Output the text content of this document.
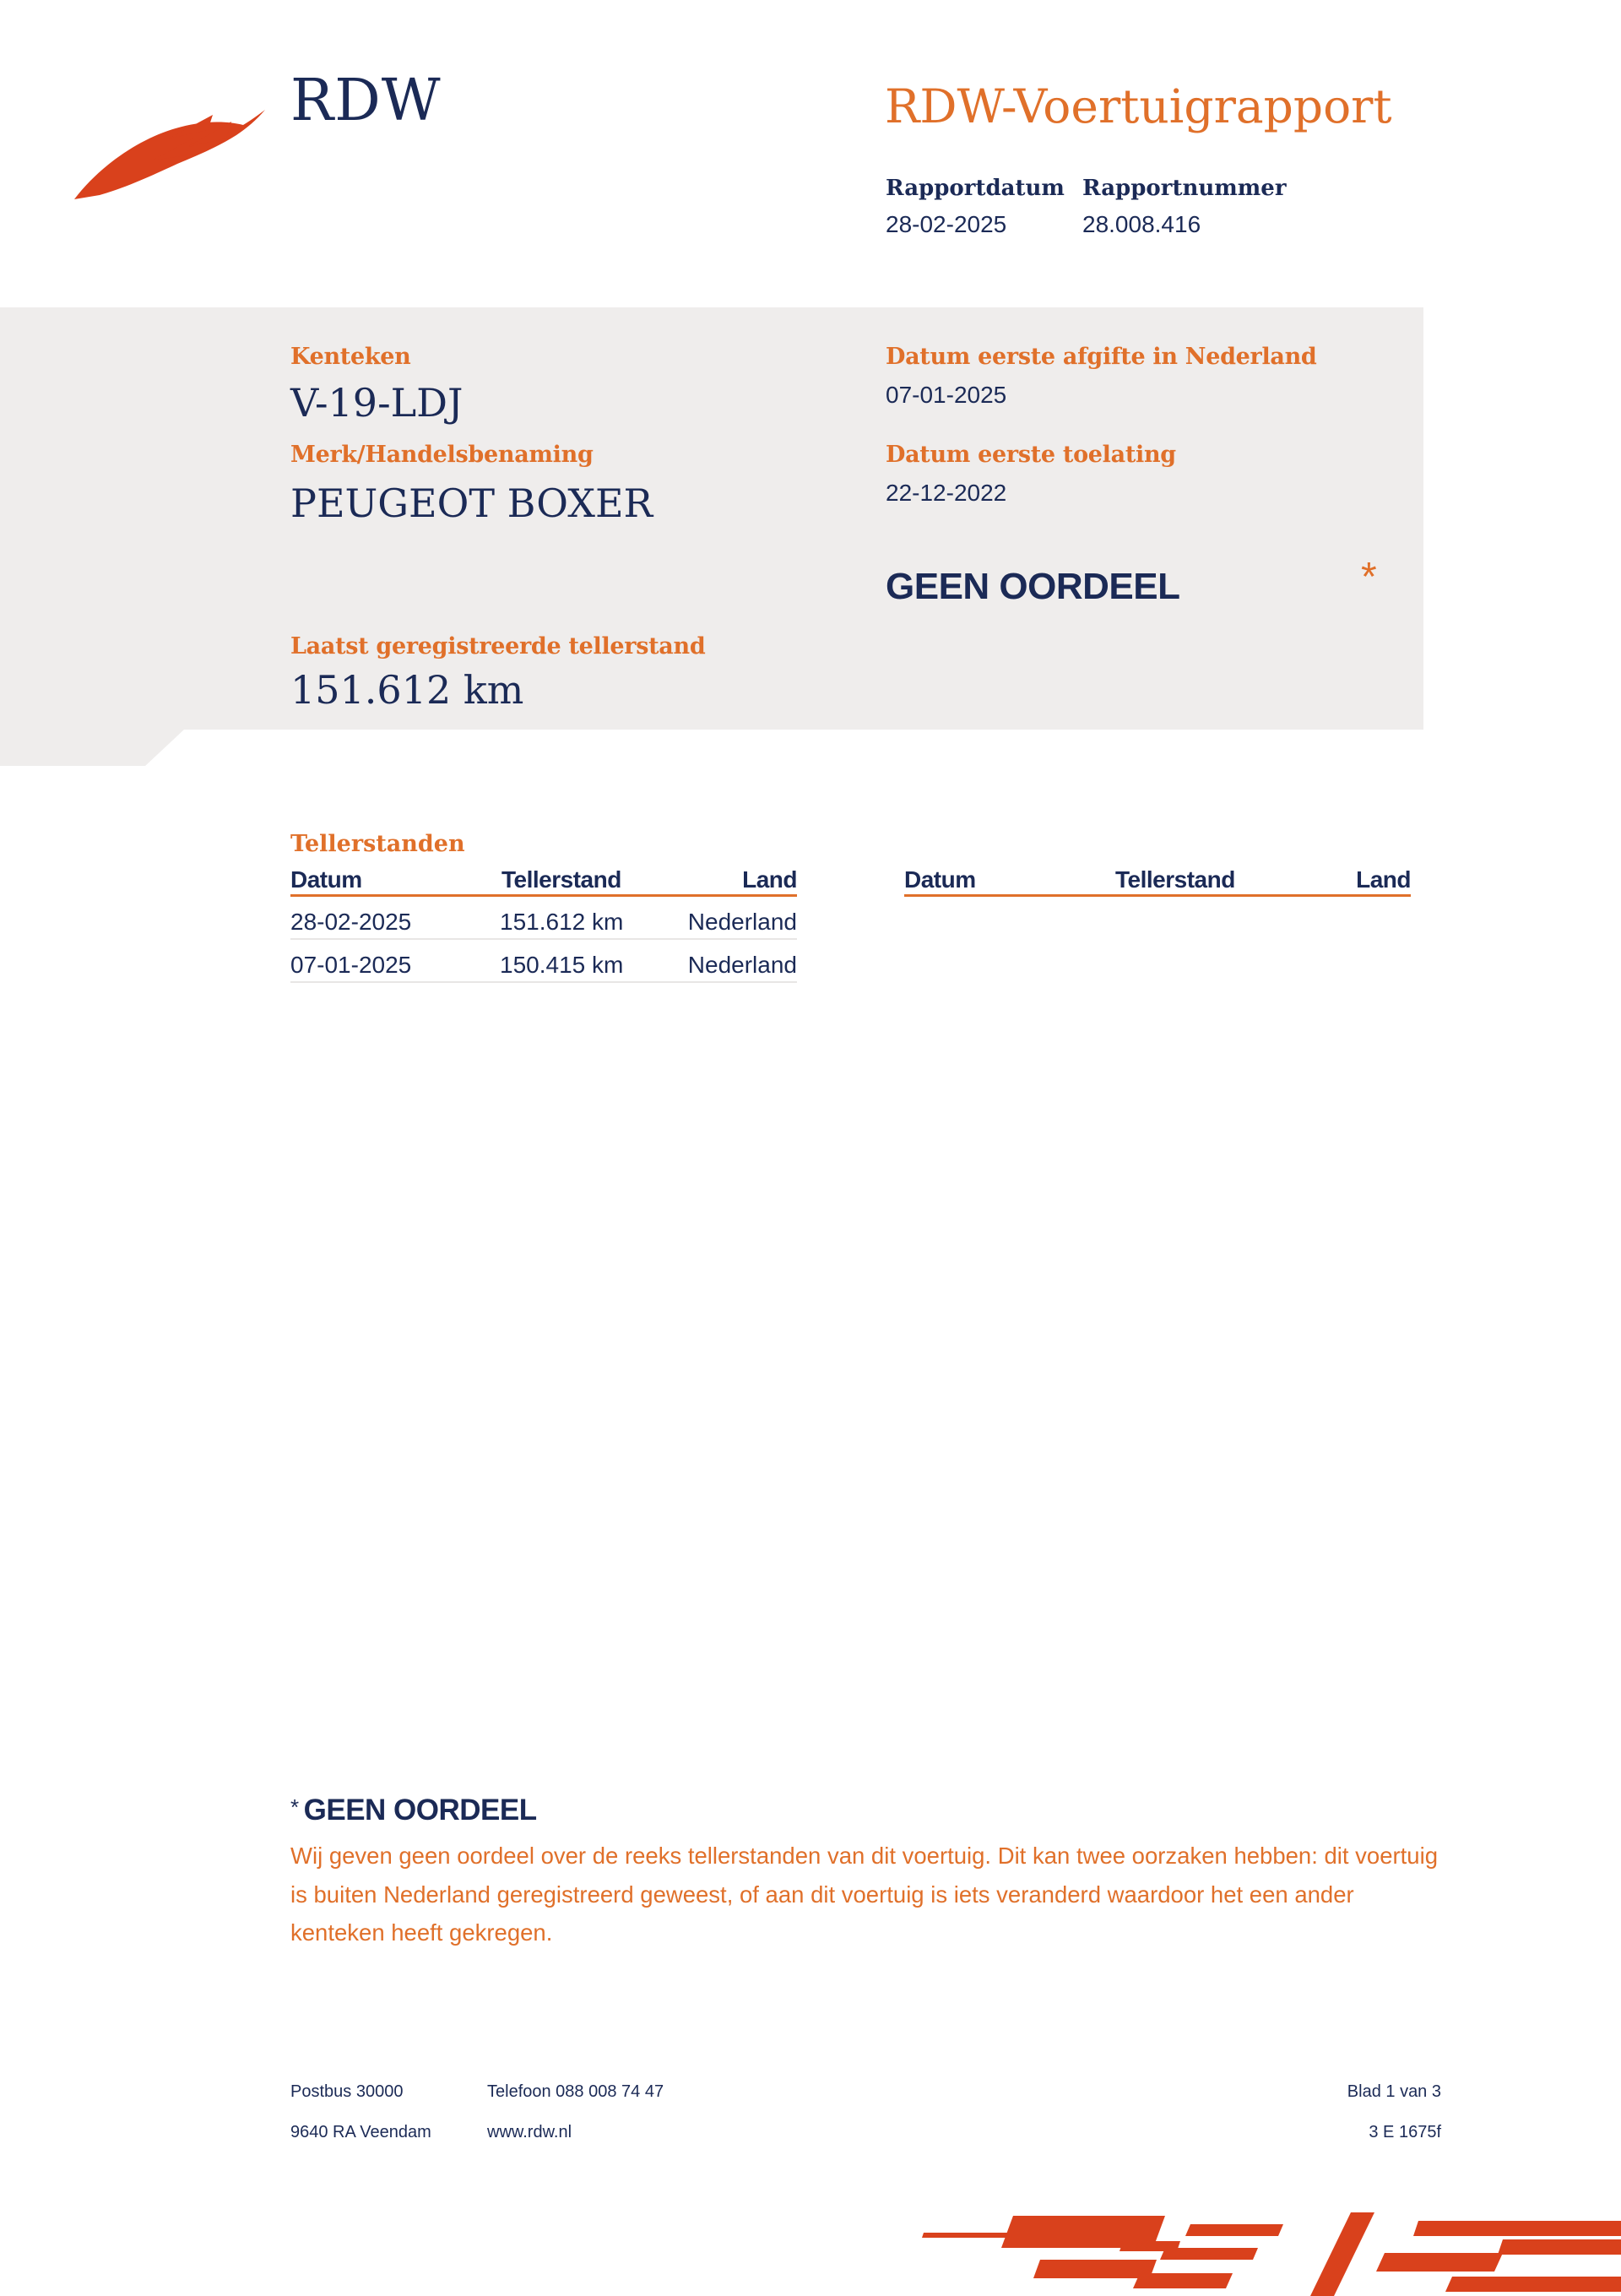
RDW	RDW-Voertuigrapport
Rapportdatum Rapportnummer
28-02-2025	28.008.416
Kenteken
V-19-LDJ
Merk/Handelsbenaming
PEUGEOT BOXER
Datum eerste afgifte in Nederland
07-01-2025
Datum eerste toelating
22-12-2022
GEEN OORDEEL	*
Laatst geregistreerde tellerstand
151.612 km
Tellerstanden
Datum	Tellerstand	Land
28-02-2025	151.612 km	Nederland
07-01-2025	150.415 km	Nederland
Datum	Tellerstand	Land
* GEEN OORDEEL
Wij geven geen oordeel over de reeks tellerstanden van dit voertuig. Dit kan twee oorzaken hebben: dit voertuig is buiten Nederland geregistreerd geweest, of aan dit voertuig is iets veranderd waardoor het een ander kenteken heeft gekregen.
Postbus 30000
9640 RA Veendam
Telefoon 088 008 74 47
www.rdw.nl
Blad 1 van 3
3 E 1675f
